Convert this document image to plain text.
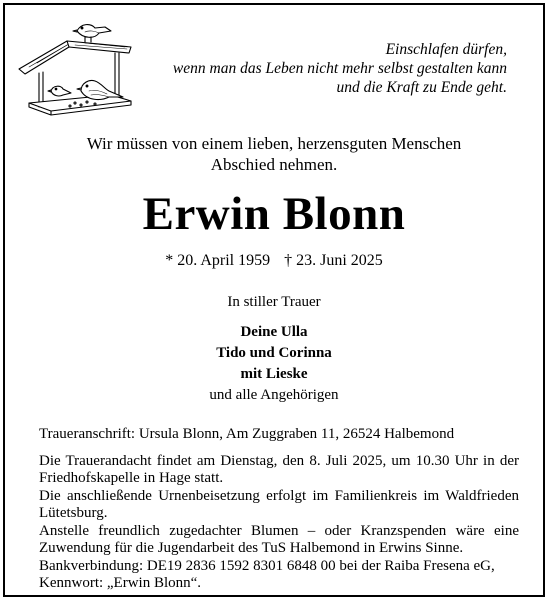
Einschlafen dürfen,
wenn man das Leben nicht mehr selbst gestalten kann
und die Kraft zu Ende geht.
Wir müssen von einem lieben, herzensguten Menschen
Abschied nehmen.
Erwin Blonn
* 20. April 1959 † 23. Juni 2025
In stiller Trauer
Deine Ulla
Tido und Corinna
mit Lieske
und alle Angehörigen
Traueranschrift: Ursula Blonn, Am Zuggraben 11, 26524 Halbemond
Die Trauerandacht findet am Dienstag, den 8. Juli 2025, um 10.30 Uhr in der Friedhofskapelle in Hage statt.
Die anschließende Urnenbeisetzung erfolgt im Familienkreis im Waldfrieden Lütetsburg.
Anstelle freundlich zugedachter Blumen – oder Kranzspenden wäre eine Zuwendung für die Jugendarbeit des TuS Halbemond in Erwins Sinne.
Bankverbindung: DE19 2836 1592 8301 6848 00 bei der Raiba Fresena eG,
Kennwort: „Erwin Blonn“.
